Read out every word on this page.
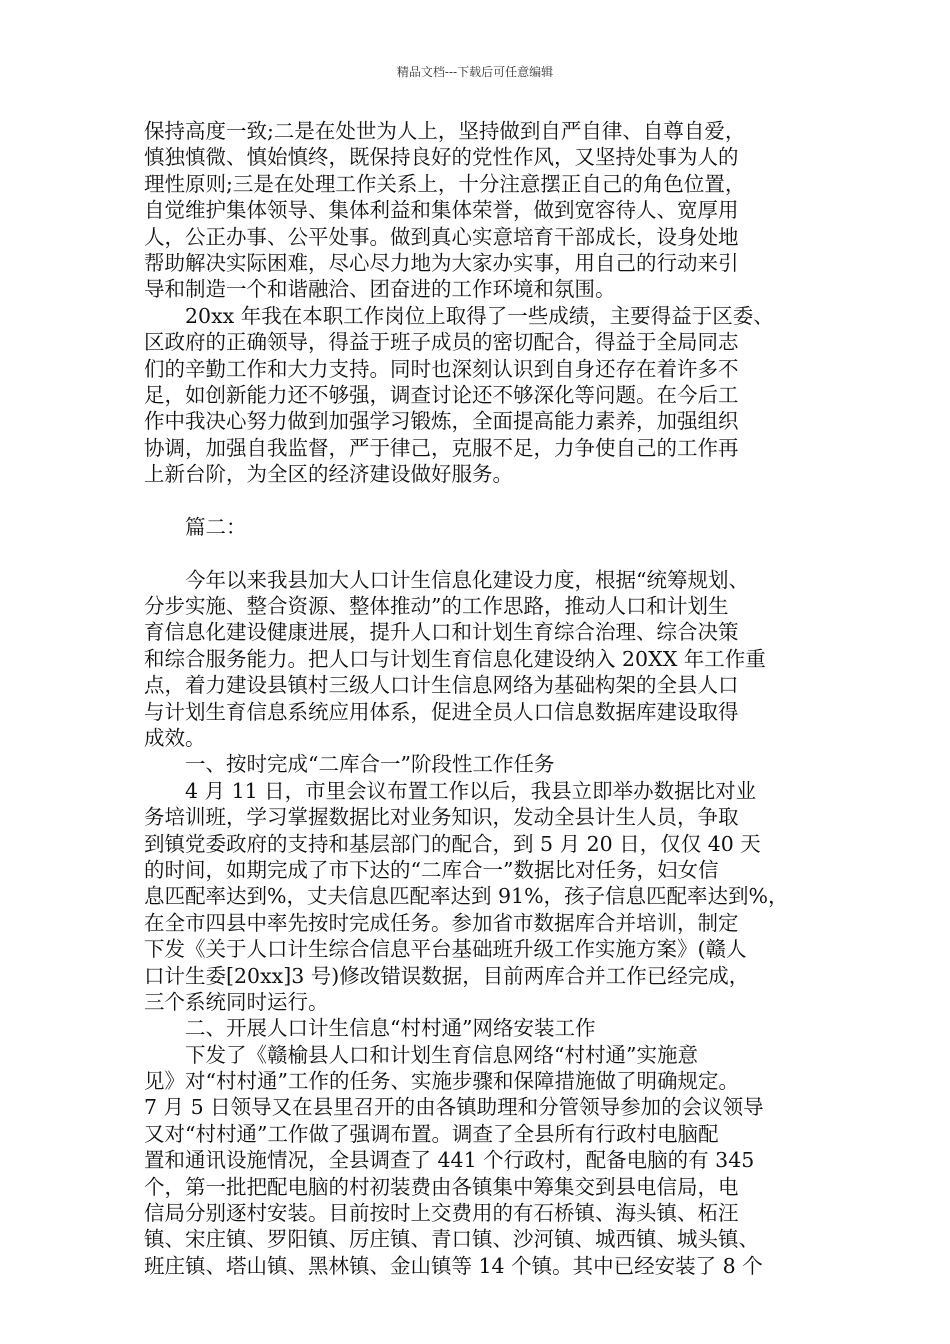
精品文档---下载后可任意编辑
保持高度一致;二是在处世为人上，坚持做到自严自律、自尊自爱，
慎独慎微、慎始慎终，既保持良好的党性作风，又坚持处事为人的
理性原则;三是在处理工作关系上，十分注意摆正自己的角色位置，
自觉维护集体领导、集体利益和集体荣誉，做到宽容待人、宽厚用
人，公正办事、公平处事。做到真心实意培育干部成长，设身处地
帮助解决实际困难，尽心尽力地为大家办实事，用自己的行动来引
导和制造一个和谐融洽、团奋进的工作环境和氛围。
20xx 年我在本职工作岗位上取得了一些成绩，主要得益于区委、
区政府的正确领导，得益于班子成员的密切配合，得益于全局同志
们的辛勤工作和大力支持。同时也深刻认识到自身还存在着许多不
足，如创新能力还不够强，调查讨论还不够深化等问题。在今后工
作中我决心努力做到加强学习锻炼，全面提高能力素养，加强组织
协调，加强自我监督，严于律己，克服不足，力争使自己的工作再
上新台阶，为全区的经济建设做好服务。
篇二：
今年以来我县加大人口计生信息化建设力度，根据“统筹规划、
分步实施、整合资源、整体推动”的工作思路，推动人口和计划生
育信息化建设健康进展，提升人口和计划生育综合治理、综合决策
和综合服务能力。把人口与计划生育信息化建设纳入 20XX 年工作重
点，着力建设县镇村三级人口计生信息网络为基础构架的全县人口
与计划生育信息系统应用体系，促进全员人口信息数据库建设取得
成效。
一、按时完成“二库合一”阶段性工作任务
4 月 11 日，市里会议布置工作以后，我县立即举办数据比对业
务培训班，学习掌握数据比对业务知识，发动全县计生人员，争取
到镇党委政府的支持和基层部门的配合，到 5 月 20 日，仅仅 40 天
的时间，如期完成了市下达的“二库合一”数据比对任务，妇女信
息匹配率达到%，丈夫信息匹配率达到 91%，孩子信息匹配率达到%，
在全市四县中率先按时完成任务。参加省市数据库合并培训，制定
下发《关于人口计生综合信息平台基础班升级工作实施方案》(赣人
口计生委[20xx]3 号)修改错误数据，目前两库合并工作已经完成，
三个系统同时运行。
二、开展人口计生信息“村村通”网络安装工作
下发了《赣榆县人口和计划生育信息网络“村村通”实施意
见》对“村村通”工作的任务、实施步骤和保障措施做了明确规定。
7 月 5 日领导又在县里召开的由各镇助理和分管领导参加的会议领导
又对“村村通”工作做了强调布置。调查了全县所有行政村电脑配
置和通讯设施情况，全县调查了 441 个行政村，配备电脑的有 345
个，第一批把配电脑的村初装费由各镇集中筹集交到县电信局，电
信局分别逐村安装。目前按时上交费用的有石桥镇、海头镇、柘汪
镇、宋庄镇、罗阳镇、厉庄镇、青口镇、沙河镇、城西镇、城头镇、
班庄镇、塔山镇、黑林镇、金山镇等 14 个镇。其中已经安装了 8 个
